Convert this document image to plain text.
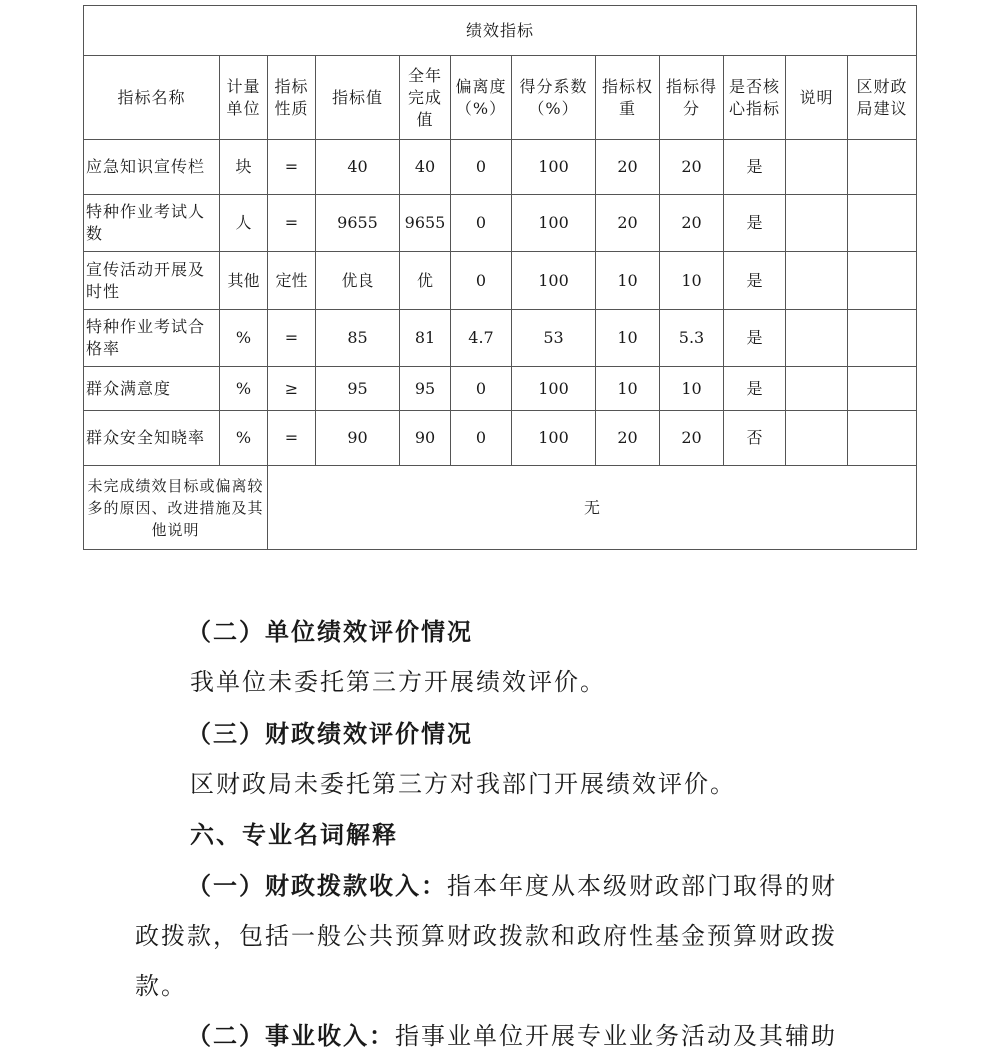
绩效指标											
指标名称	计量单位	指标性质	指标值	全年完成值	偏离度（%）	得分系数（%）	指标权重	指标得分	是否核心指标	说明	区财政局建议
应急知识宣传栏	块	=	40	40	0	100	20	20	是		
特种作业考试人数	人	=	9655	9655	0	100	20	20	是		
宣传活动开展及时性	其他	定性	优良	优	0	100	10	10	是		
特种作业考试合格率	%	=	85	81	4.7	53	10	5.3	是		
群众满意度	%	≥	95	95	0	100	10	10	是		
群众安全知晓率	%	=	90	90	0	100	20	20	否		
未完成绩效目标或偏离较多的原因、改进措施及其他说明		无									
（二）单位绩效评价情况
我单位未委托第三方开展绩效评价。
（三）财政绩效评价情况
区财政局未委托第三方对我部门开展绩效评价。
六、专业名词解释
（一）财政拨款收入：指本年度从本级财政部门取得的财
政拨款，包括一般公共预算财政拨款和政府性基金预算财政拨
款。
（二）事业收入：指事业单位开展专业业务活动及其辅助
